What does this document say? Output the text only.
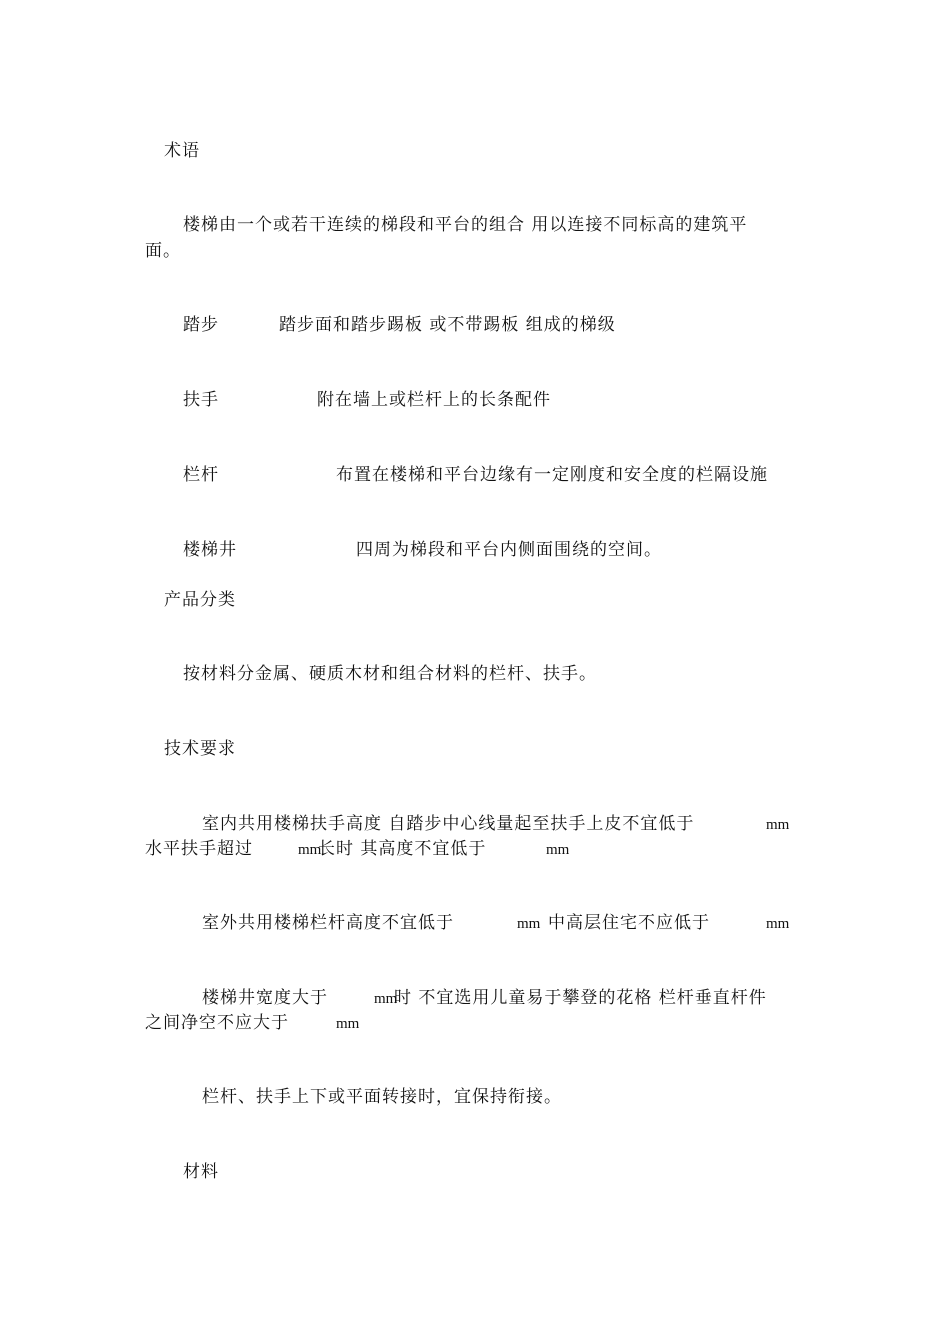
术语
楼梯由一个或若干连续的梯段和平台的组合 用以连接不同标高的建筑平
面。
踏步	踏步面和踏步踢板 或不带踢板 组成的梯级
扶手	附在墙上或栏杆上的长条配件
栏杆	布置在楼梯和平台边缘有一定刚度和安全度的栏隔设施
楼梯井	四周为梯段和平台内侧面围绕的空间。
产品分类
按材料分金属、硬质木材和组合材料的栏杆、扶手。
技术要求
室内共用楼梯扶手高度 自踏步中心线量起至扶手上皮不宜低于	mm
水平扶手超过	mm
长时 其高度不宜低于	mm
室外共用楼梯栏杆高度不宜低于	mm 中高层住宅不应低于	mm
楼梯井宽度大于	mm
时 不宜选用儿童易于攀登的花格 栏杆垂直杆件
之间净空不应大于	mm
栏杆、扶手上下或平面转接时，宜保持衔接。
材料
